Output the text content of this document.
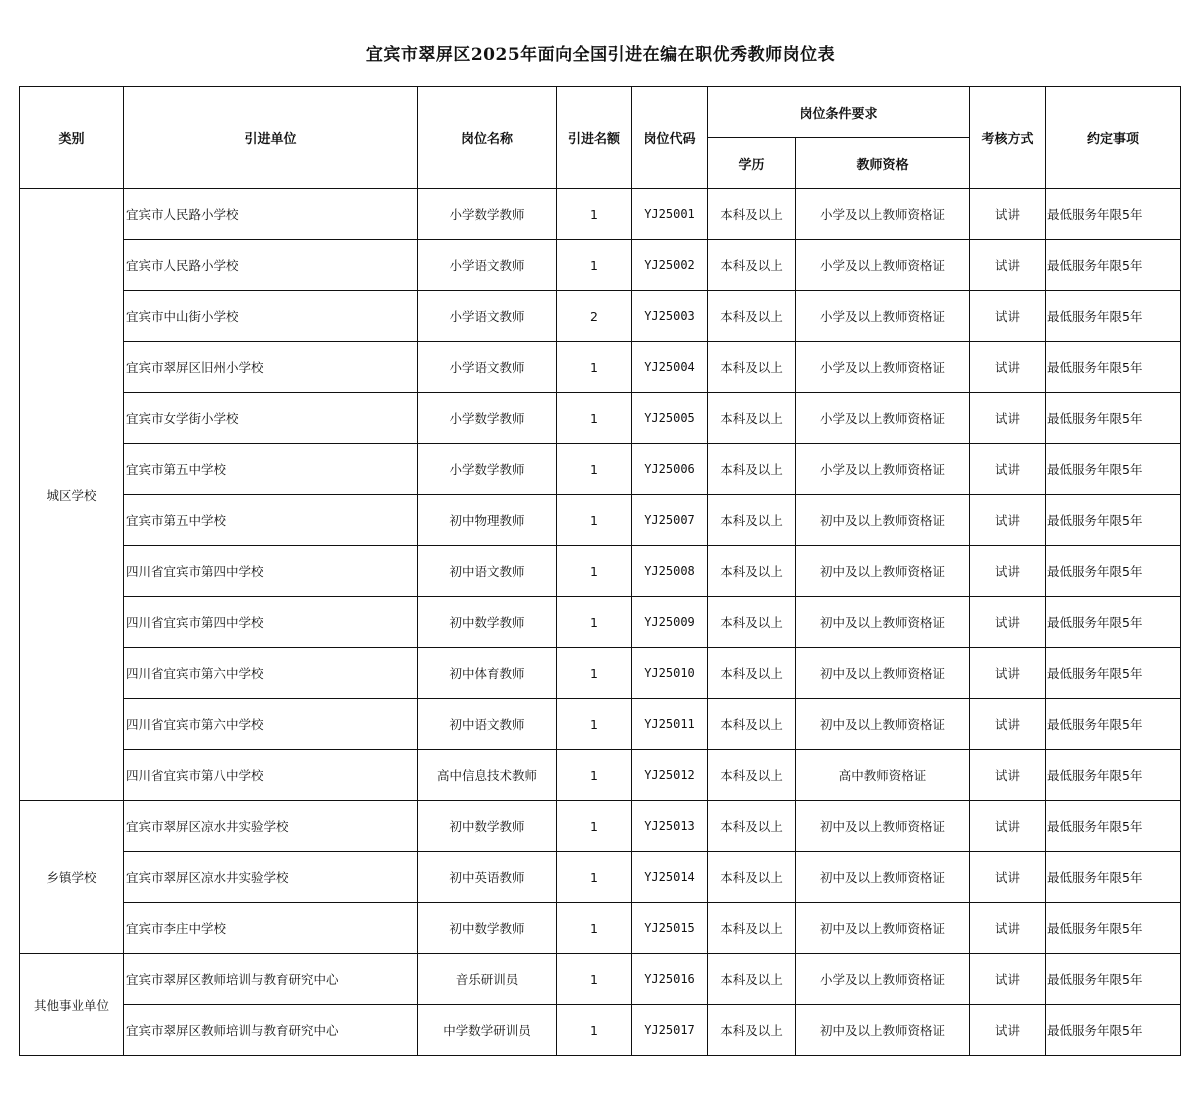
宜宾市翠屏区2025年面向全国引进在编在职优秀教师岗位表
类别	引进单位	岗位名称	引进名额	岗位代码	岗位条件要求		考核方式	约定事项
					学历	教师资格		
城区学校	宜宾市人民路小学校	小学数学教师	1	YJ25001	本科及以上	小学及以上教师资格证	试讲	最低服务年限5年
	宜宾市人民路小学校	小学语文教师	1	YJ25002	本科及以上	小学及以上教师资格证	试讲	最低服务年限5年
	宜宾市中山街小学校	小学语文教师	2	YJ25003	本科及以上	小学及以上教师资格证	试讲	最低服务年限5年
	宜宾市翠屏区旧州小学校	小学语文教师	1	YJ25004	本科及以上	小学及以上教师资格证	试讲	最低服务年限5年
	宜宾市女学街小学校	小学数学教师	1	YJ25005	本科及以上	小学及以上教师资格证	试讲	最低服务年限5年
	宜宾市第五中学校	小学数学教师	1	YJ25006	本科及以上	小学及以上教师资格证	试讲	最低服务年限5年
	宜宾市第五中学校	初中物理教师	1	YJ25007	本科及以上	初中及以上教师资格证	试讲	最低服务年限5年
	四川省宜宾市第四中学校	初中语文教师	1	YJ25008	本科及以上	初中及以上教师资格证	试讲	最低服务年限5年
	四川省宜宾市第四中学校	初中数学教师	1	YJ25009	本科及以上	初中及以上教师资格证	试讲	最低服务年限5年
	四川省宜宾市第六中学校	初中体育教师	1	YJ25010	本科及以上	初中及以上教师资格证	试讲	最低服务年限5年
	四川省宜宾市第六中学校	初中语文教师	1	YJ25011	本科及以上	初中及以上教师资格证	试讲	最低服务年限5年
	四川省宜宾市第八中学校	高中信息技术教师	1	YJ25012	本科及以上	高中教师资格证	试讲	最低服务年限5年
乡镇学校	宜宾市翠屏区凉水井实验学校	初中数学教师	1	YJ25013	本科及以上	初中及以上教师资格证	试讲	最低服务年限5年
	宜宾市翠屏区凉水井实验学校	初中英语教师	1	YJ25014	本科及以上	初中及以上教师资格证	试讲	最低服务年限5年
	宜宾市李庄中学校	初中数学教师	1	YJ25015	本科及以上	初中及以上教师资格证	试讲	最低服务年限5年
其他事业单位	宜宾市翠屏区教师培训与教育研究中心	音乐研训员	1	YJ25016	本科及以上	小学及以上教师资格证	试讲	最低服务年限5年
	宜宾市翠屏区教师培训与教育研究中心	中学数学研训员	1	YJ25017	本科及以上	初中及以上教师资格证	试讲	最低服务年限5年
